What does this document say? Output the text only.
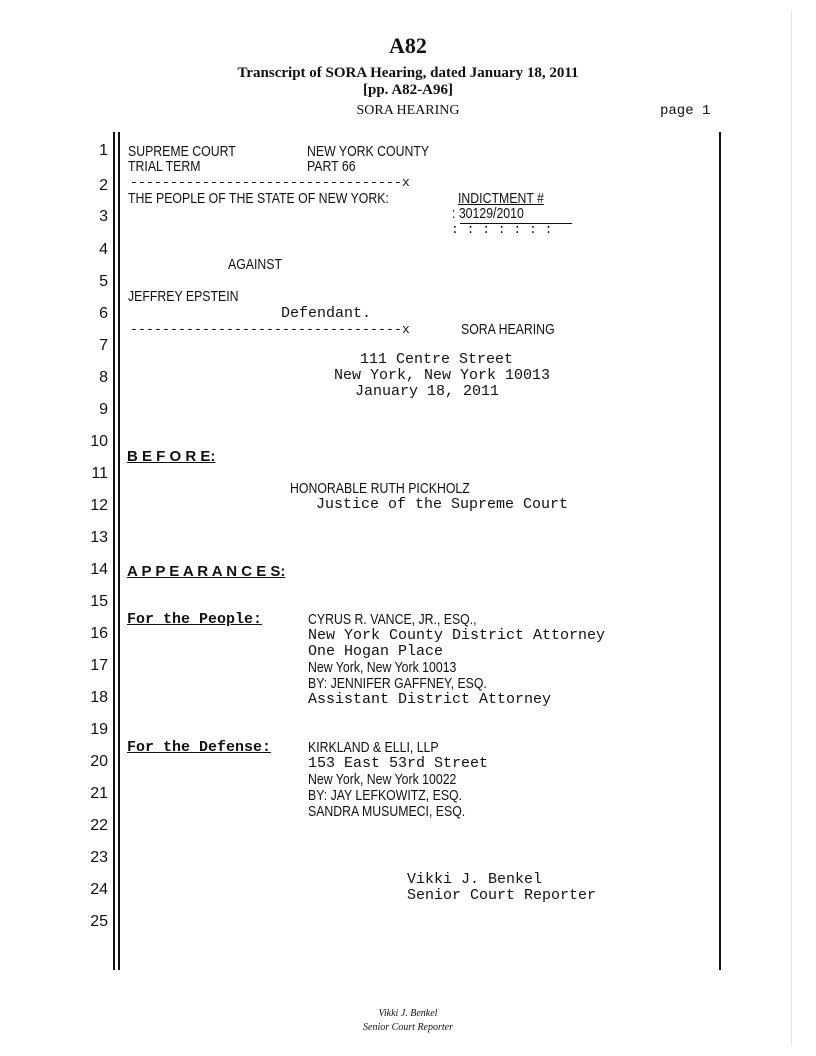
A82
Transcript of SORA Hearing, dated January 18, 2011
[pp. A82-A96]
SORA HEARING	page 1
1
2
3
4
5
6
7
8
9
10
11
12
13
14
15
16
17
18
19
20
21
22
23
24
25
SUPREME COURT	NEW YORK COUNTY
TRIAL TERM	PART 66
----------------------------------x
THE PEOPLE OF THE STATE OF NEW YORK:	INDICTMENT #
: 30129/2010
: : : : : : :
AGAINST
JEFFREY EPSTEIN
Defendant.
----------------------------------x	SORA HEARING
111 Centre Street
New York, New York 10013
January 18, 2011
B E F O R E:
HONORABLE RUTH PICKHOLZ
Justice of the Supreme Court
A P P E A R A N C E S:
For the People:	CYRUS R. VANCE, JR., ESQ.,
New York County District Attorney
One Hogan Place
New York, New York 10013
BY: JENNIFER GAFFNEY, ESQ.
Assistant District Attorney
For the Defense: KIRKLAND & ELLI, LLP
153 East 53rd Street
New York, New York 10022
BY: JAY LEFKOWITZ, ESQ.
SANDRA MUSUMECI, ESQ.
Vikki J. Benkel
Senior Court Reporter
Vikki J. Benkel
Senior Court Reporter
